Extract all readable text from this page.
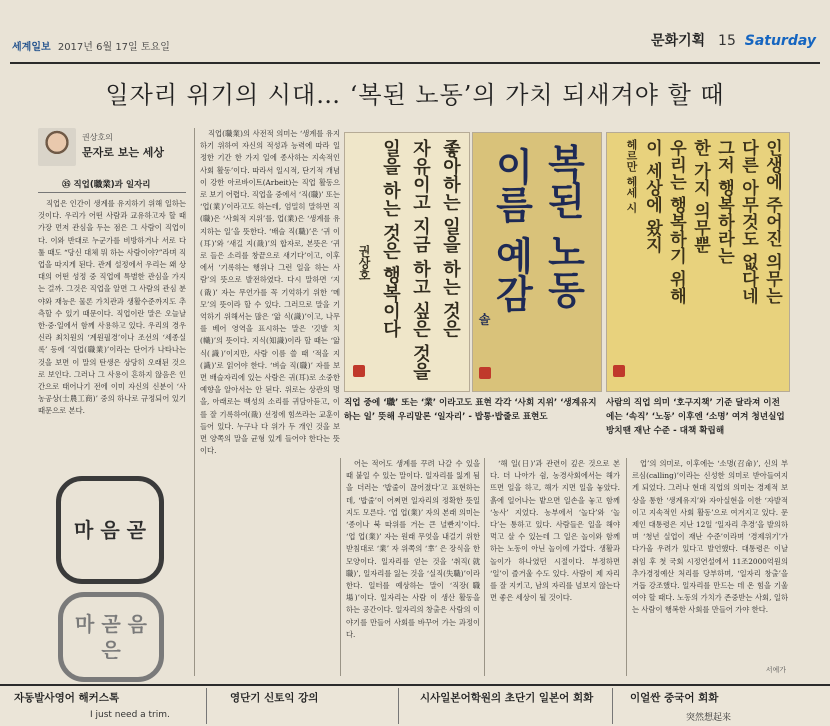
세계일보 2017년 6월 17일 토요일	문화기획 15 Saturday
일자리 위기의 시대… ‘복된 노동’의 가치 되새겨야 할 때
권상호의
문자로 보는 세상
㉟ 직업(職業)과 일자리

직업은 인간이 생계를 유지하기 위해 일하는 것이다. 우리가 어떤 사람과 교유하고자 할 때 가장 먼저 관심을 두는 점은 그 사람이 직업이다. 이와 반대로 누군가를 비방하거나 서로 다툴 때도 “당신 대체 뭐 하는 사람이야?”라며 직업을 따지게 된다. 관계 설정에서 우리는 왜 상대의 어떤 성정 중 직업에 특별한 관심을 가지는 걸까. 그것은 직업을 알면 그 사람의 관심 분야와 재능은 물론 가치관과 생활수준까지도 추측할 수 있기 때문이다. 직업이란 말은 오늘날 한·중·일에서 함께 사용하고 있다. 우리의 경우 신라 최치원의 ‘계원필경’이나 조선의 ‘세종실록’ 등에 ‘직업(職業)’이라는 단어가 나타나는 것을 보면 이 말의 탄생은 상당히 오래된 것으로 보인다. 그러나 그 사용이 흔하지 않음은 인간으로 태어나기 전에 이미 자신의 신분이 ‘사농공상(士農工商)’ 중의 하나로 규정되어 있기 때문으로 본다.

마 음 곧
마 곧 음 은

직업(職業)의 사전적 의미는 ‘생계를 유지하기 위하여 자신의 적성과 능력에 따라 일정한 기간 한 가지 일에 종사하는 지속적인 사회 활동’이다. 따라서 일시적, 단기적 개념이 강한 아르바이트(Arbeit)는 직업 활동으로 보기 어렵다. 직업을 중에서 ‘직(職)’ 또는 ‘업(業)’이라고도 하는데, 엄밀히 말하면 직(職)은 ‘사회적 지위’를, 업(業)은 ‘생계를 유지하는 일’을 뜻한다. ‘배슬 직(職)’은 ‘귀 이(耳)’와 ‘새길 지(戠)’의 합자로, 본뜻은 ‘귀로 들은 소리를 창끝으로 새기다’이고, 이후에서 ‘기록하는 행위나 그런 일을 하는 사람’의 뜻으로 발전하였다. 다시 말하면 ‘지(戠)’ 자는 무언가를 꼭 기억하기 위한 ‘메모’의 뜻이라 할 수 있다. 그러므로 말을 기억하기 위해서는 많은 ‘앎 식(識)’이고, 나무를 베어 영역을 표시하는 말은 ‘깃발 치(幟)’의 뜻이다. 지식(知識)이라 할 때는 ‘앎 식(識)’이지만, 사람 이름 쓸 때 ‘적을 지(識)’로 읽어야 한다. ‘벼슬 직(職)’ 자를 보면 배슬자리에 있는 사람은 귀(耳)로 소중한 예향을 알아서는 안 된다. 위로는 상관의 명을, 아래로는 백성의 소리를 귀담아듣고, 이를 잘 기록하여(戠) 선정에 힘쓰라는 교훈이 들어 있다. 누구나 다 위가 두 개인 것을 보면 양쪽의 말을 균형 있게 들어야 한다는 뜻이다.

좋아하는 일을 하는 것은
자유이고 지금 하고 싶은 것을
일을 하는 것은 행복이다
권상호	복된 노동
이름 예감
솔
인생에 주어진 의무는
다른 아무것도 없다네
그저 행복하라는
한 가지 의무뿐
우리는 행복하기 위해
이 세상에 왔지
헤르만 헤세 시
직업 중에 ‘職’ 또는 ‘業’ 이라고도 표현 각각 ‘사회 지위’ ‘생계유지하는 일’ 뜻해 우리말론 ‘일자리’ - 밥통·밥줄로 표현도
사람의 직업 의미 ‘호구지책’ 기준 달라져 이전에는 ‘속직’ ‘노동’ 이후엔 ‘소명’ 여겨 청년실업 방치땐 재난 수준 - 대책 확립해

어는 적어도 생계를 꾸려 나갈 수 있을 때 붙일 수 있는 말이다. 일자리를 잃게 됨을 더러는 ‘밥줄이 끊어졌다’고 표현하는데, ‘밥줄’이 어쩌면 일자리의 정확한 뜻일지도 모른다. ‘업 업(業)’ 자의 본래 의미는 ‘종이나 북 따위를 거는 큰 널빤지’이다. ‘업 업(業)’ 자는 원래 무엇을 내걸기 위한 받침대로 ‘業’ 자 위쪽의 ‘丵’ 은 장식을 한 모양이다. 일자리를 얻는 것을 ‘취직(就職)’, 일자리를 잃는 것을 ‘실직(失職)’이라 한다. 일터를 예상하는 말이 ‘직장(職場)’이다. 일자리는 사람 이 생산 활동을 하는 공간이다. 일자리의 창출은 사람의 이야기를 만들어 사회를 바꾸어 가는 과정이다.

‘해 일(日)’과 관련이 깊은 것으로 본다. 더 나아가 쉼, 농경사회에서는 해가 뜨면 일을 하고, 해가 지면 일을 놓았다. 흙에 일어나는 밭으면 일손을 놓고 함께 ‘농사’ 지었다. 농부에서 ‘놀다’와 ‘놀다’는 통하고 있다. 사람들은 일을 해야 먹고 살 수 있는데 그 일은 놀이와 함께 하는 노동이 아닌 놀이에 가깝다. 생활과 놀이가 하나였던 시절이다. 부정하면 ‘일’이 즐거울 수도 있다. 사람이 제 자리를 잘 지키고, 남의 자리를 넘보지 않는다면 좋은 세상이 될 것이다.

업’의 의미로, 이후에는 ‘소명(召命)’, 신의 부르심(calling)’이라는 신성한 의미로 받아들여지게 되었다. 그러나 현대 직업의 의미는 경제적 보상을 통한 ‘생계유지’와 자아실현을 이한 ‘자발적이고 지속적인 사회 활동’으로 여겨지고 있다. 문제인 대통령은 지난 12일 ‘일자리 추경’을 발의하며 ‘청년 실업이 재난 수준’이라며 ‘경제위기’가 다가올 우려가 있다고 발언했다. 대통령은 이날 취임 후 첫 국회 시정연설에서 11조2000억원의 추가경정예산 처리를 당부하며, ‘일자리 창출’을 거듭 강조했다. 일자리를 만드는 데 온 힘을 기울여야 할 때다. 노동의 가치가 존중받는 사회, 일하는 사람이 행복한 사회를 만들어 가야 한다.

서예가
자동발사영어 해커스톡
I just need a trim.
영단기 신토익 강의	시사일본어학원의 초단기 일본어 회화	이얼싼 중국어 회화
突然想起来
